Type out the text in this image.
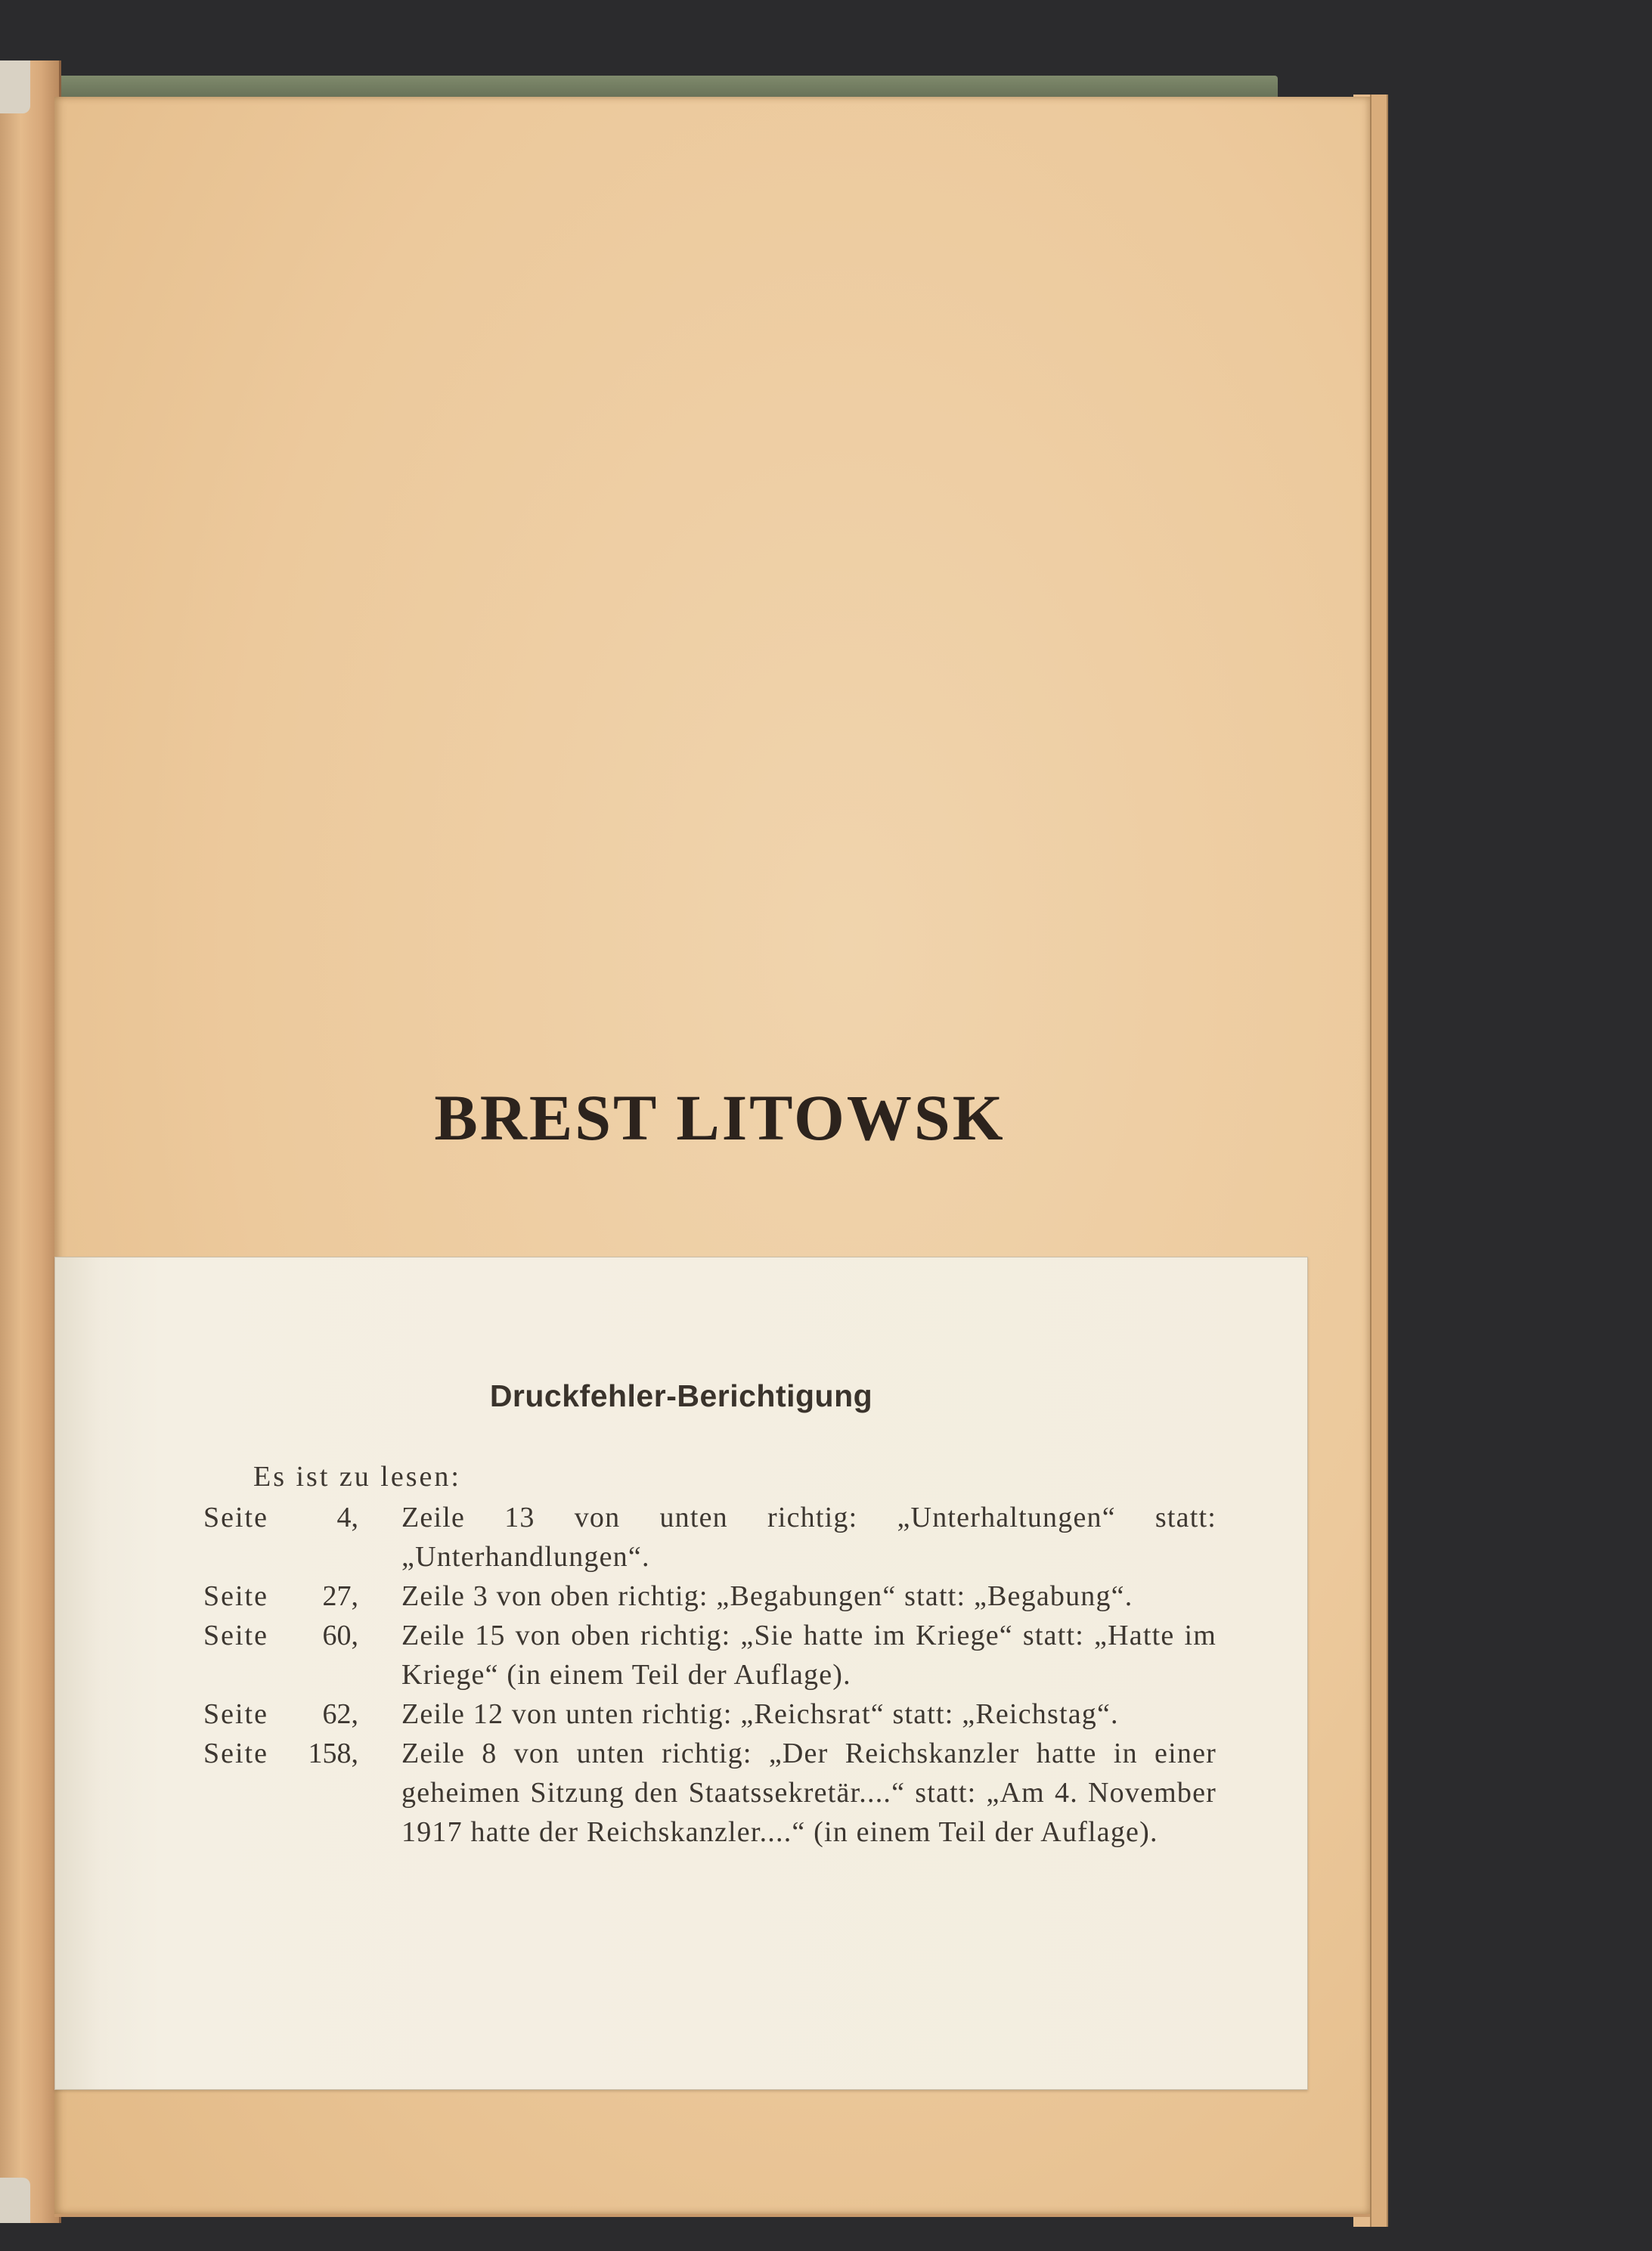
BREST LITOWSK
Druckfehler-Berichtigung
Es ist zu lesen:
Seite 4, Zeile 13 von unten richtig: „Unterhaltungen“ statt: „Unterhandlungen“.
Seite 27, Zeile 3 von oben richtig: „Begabungen“ statt: „Begabung“.
Seite 60, Zeile 15 von oben richtig: „Sie hatte im Kriege“ statt: „Hatte im Kriege“ (in einem Teil der Auflage).
Seite 62, Zeile 12 von unten richtig: „Reichsrat“ statt: „Reichstag“.
Seite 158, Zeile 8 von unten richtig: „Der Reichskanzler hatte in einer geheimen Sitzung den Staatssekretär....“ statt: „Am 4. November 1917 hatte der Reichskanzler....“ (in einem Teil der Auflage).
